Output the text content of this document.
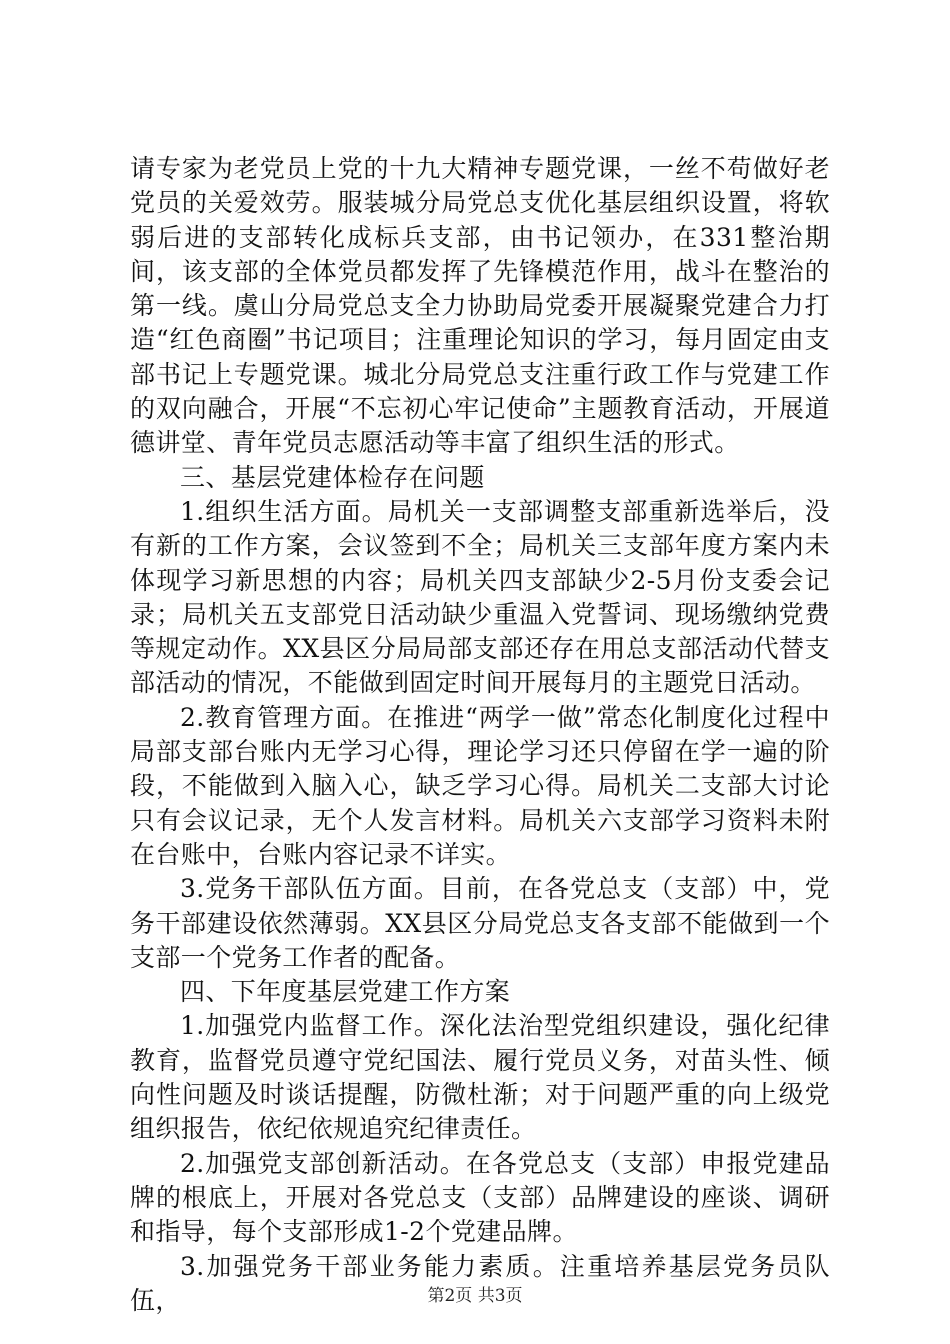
请专家为老党员上党的十九大精神专题党课，一丝不苟做好老党员的关爱效劳。服装城分局党总支优化基层组织设置，将软弱后进的支部转化成标兵支部，由书记领办，在331整治期间，该支部的全体党员都发挥了先锋模范作用，战斗在整治的第一线。虞山分局党总支全力协助局党委开展凝聚党建合力打造“红色商圈”书记项目；注重理论知识的学习，每月固定由支部书记上专题党课。城北分局党总支注重行政工作与党建工作的双向融合，开展“不忘初心牢记使命”主题教育活动，开展道德讲堂、青年党员志愿活动等丰富了组织生活的形式。

三、基层党建体检存在问题

1.组织生活方面。局机关一支部调整支部重新选举后，没有新的工作方案，会议签到不全；局机关三支部年度方案内未体现学习新思想的内容；局机关四支部缺少2-5月份支委会记录；局机关五支部党日活动缺少重温入党誓词、现场缴纳党费等规定动作。XX县区分局局部支部还存在用总支部活动代替支部活动的情况，不能做到固定时间开展每月的主题党日活动。

2.教育管理方面。在推进“两学一做”常态化制度化过程中局部支部台账内无学习心得，理论学习还只停留在学一遍的阶段，不能做到入脑入心，缺乏学习心得。局机关二支部大讨论只有会议记录，无个人发言材料。局机关六支部学习资料未附在台账中，台账内容记录不详实。

3.党务干部队伍方面。目前，在各党总支（支部）中，党务干部建设依然薄弱。XX县区分局党总支各支部不能做到一个支部一个党务工作者的配备。

四、下年度基层党建工作方案

1.加强党内监督工作。深化法治型党组织建设，强化纪律教育，监督党员遵守党纪国法、履行党员义务，对苗头性、倾向性问题及时谈话提醒，防微杜渐；对于问题严重的向上级党组织报告，依纪依规追究纪律责任。

2.加强党支部创新活动。在各党总支（支部）申报党建品牌的根底上，开展对各党总支（支部）品牌建设的座谈、调研和指导，每个支部形成1-2个党建品牌。

3.加强党务干部业务能力素质。注重培养基层党务员队伍，	第2页 共3页
